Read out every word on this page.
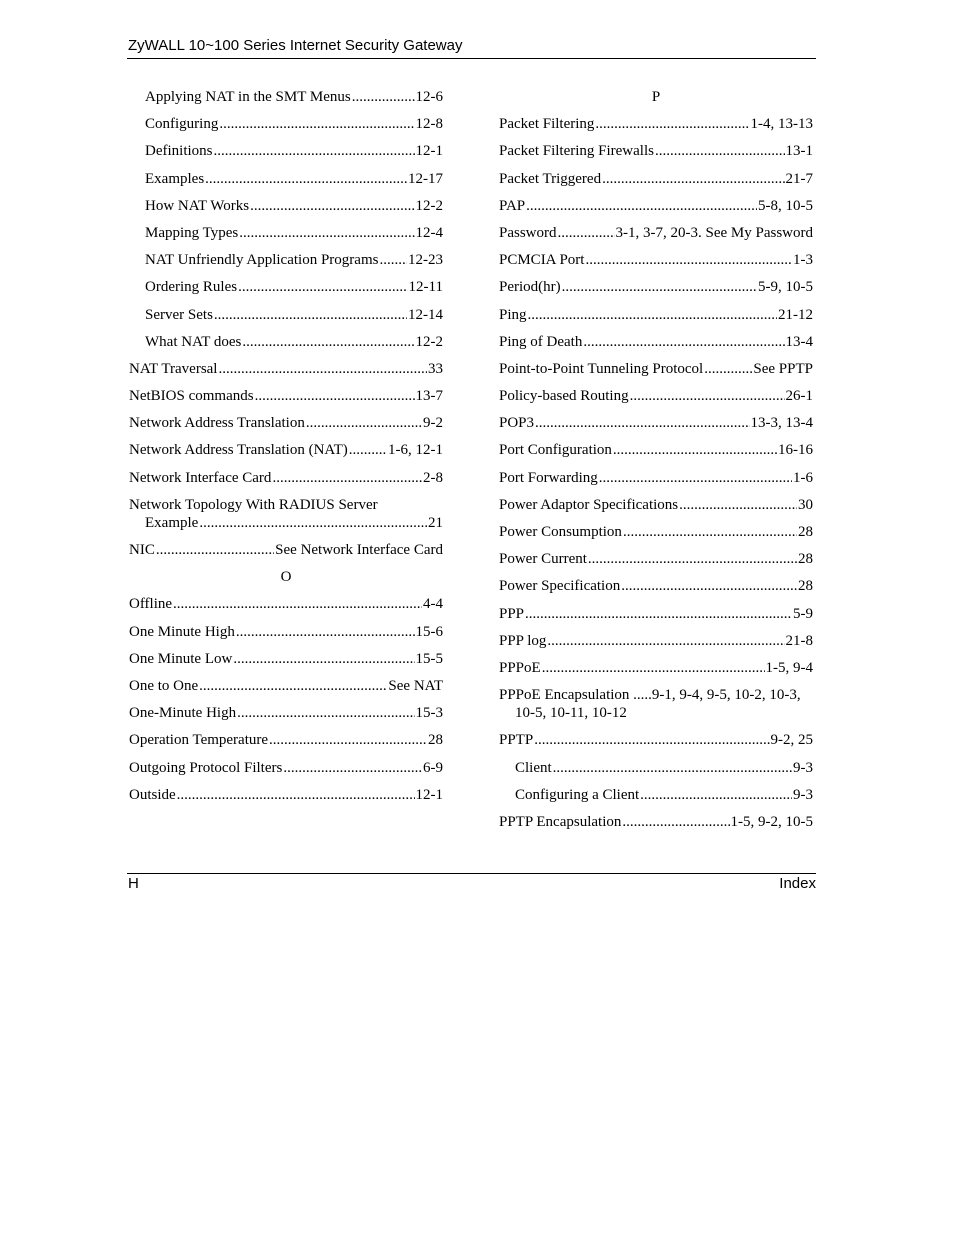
ZyWALL 10~100 Series Internet Security Gateway
Applying NAT in the SMT Menus .....	12-6
Configuring .....	12-8
Definitions .....	12-1
Examples .....	12-17
How NAT Works .....	12-2
Mapping Types .....	12-4
NAT Unfriendly Application Programs ..... 12-23
Ordering Rules .....	12-11
Server Sets .....	12-14
What NAT does .....	12-2
NAT Traversal .....	33
NetBIOS commands .....	13-7
Network Address Translation .....	9-2
Network Address Translation (NAT) .....	1-6, 12-1
Network Interface Card .....	2-8
Network Topology With RADIUS Server
Example .....	21
NIC .....	See Network Interface Card
O
Offline .....	4-4
One Minute High .....	15-6
One Minute Low .....	15-5
One to One .....	See NAT
One-Minute High .....	15-3
Operation Temperature .....	28
Outgoing Protocol Filters .....	6-9
Outside .....	12-1
P
Packet Filtering .....	1-4, 13-13
Packet Filtering Firewalls .....	13-1
Packet Triggered .....	21-7
PAP .....	5-8, 10-5
Password .....	3-1, 3-7, 20-3. See My Password
PCMCIA Port .....	1-3
Period(hr) .....	5-9, 10-5
Ping .....	21-12
Ping of Death .....	13-4
Point-to-Point Tunneling Protocol .....	See PPTP
Policy-based Routing .....	26-1
POP3 .....	13-3, 13-4
Port Configuration .....	16-16
Port Forwarding .....	1-6
Power Adaptor Specifications .....	30
Power Consumption .....	28
Power Current .....	28
Power Specification .....	28
PPP .....	5-9
PPP log .....	21-8
PPPoE .....	1-5, 9-4
PPPoE Encapsulation .....9-1, 9-4, 9-5, 10-2, 10-3, 10-5, 10-11, 10-12
PPTP .....	9-2, 25
Client .....	9-3
Configuring a Client .....	9-3
PPTP Encapsulation .....	1-5, 9-2, 10-5
H	Index
